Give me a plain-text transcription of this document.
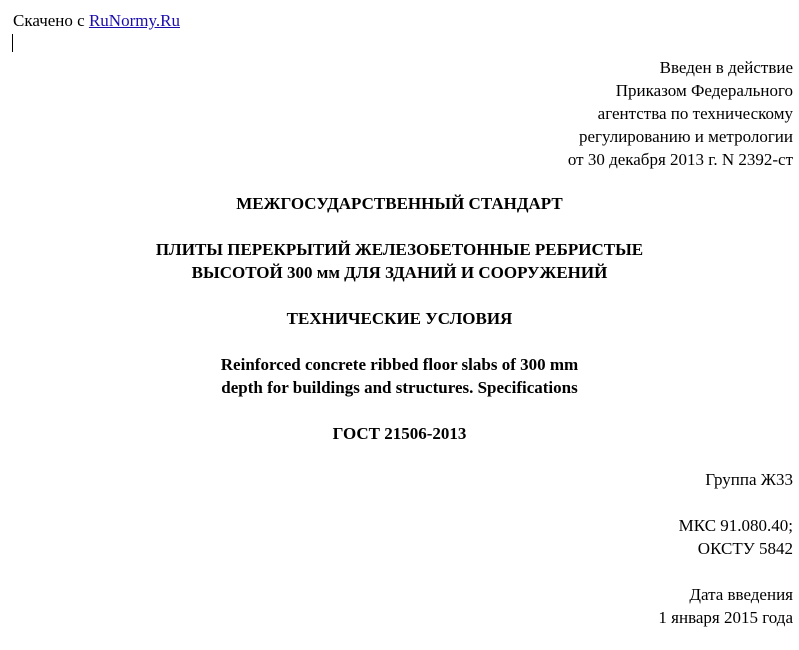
Скачено с RuNormy.Ru
Введен в действие
Приказом Федерального
агентства по техническому
регулированию и метрологии
от 30 декабря 2013 г. N 2392-ст
МЕЖГОСУДАРСТВЕННЫЙ СТАНДАРТ
ПЛИТЫ ПЕРЕКРЫТИЙ ЖЕЛЕЗОБЕТОННЫЕ РЕБРИСТЫЕ
ВЫСОТОЙ 300 мм ДЛЯ ЗДАНИЙ И СООРУЖЕНИЙ
ТЕХНИЧЕСКИЕ УСЛОВИЯ
Reinforced concrete ribbed floor slabs of 300 mm
depth for buildings and structures. Specifications
ГОСТ 21506-2013
Группа Ж33
МКС 91.080.40;
ОКСТУ 5842
Дата введения
1 января 2015 года
